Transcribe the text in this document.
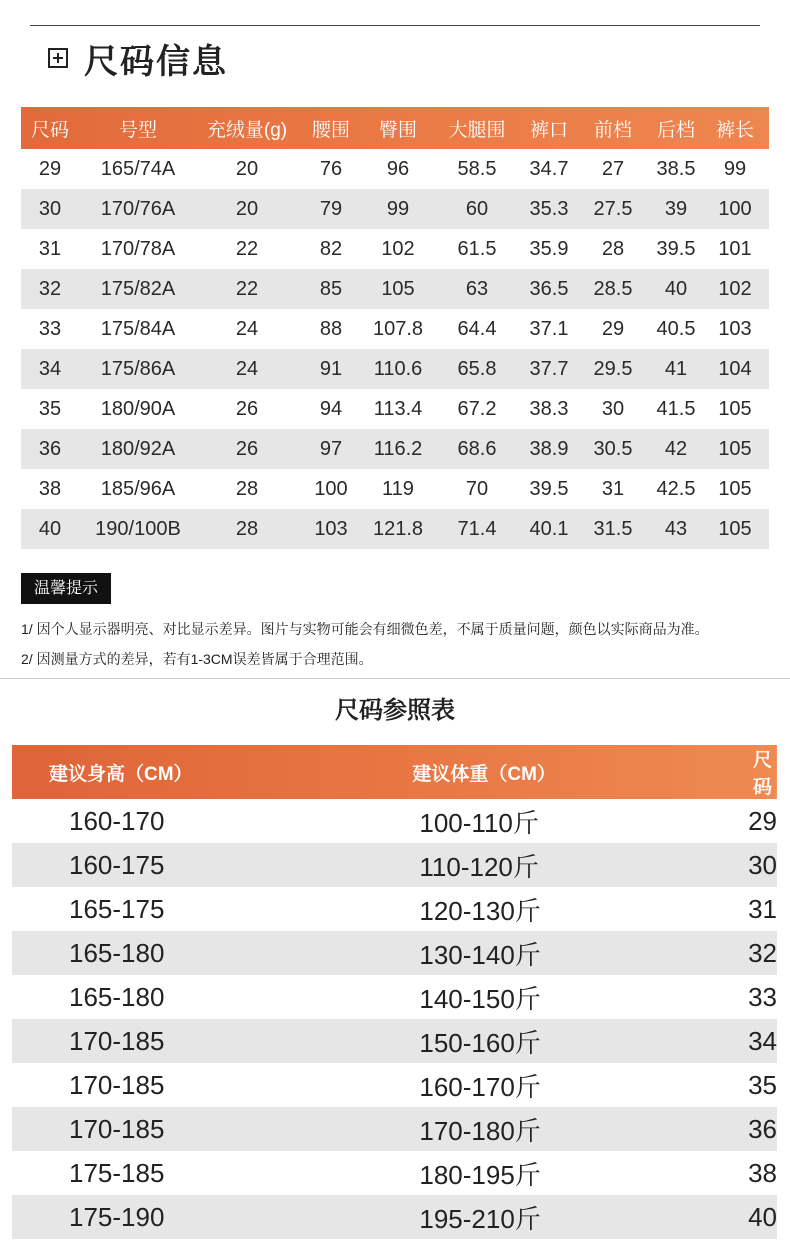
尺码信息
尺码	号型	充绒量(g)	腰围	臀围	大腿围	裤口	前档	后档	裤长
29	165/74A	20	76	96	58.5	34.7	27	38.5	99
30	170/76A	20	79	99	60	35.3	27.5	39	100
31	170/78A	22	82	102	61.5	35.9	28	39.5	101
32	175/82A	22	85	105	63	36.5	28.5	40	102
33	175/84A	24	88	107.8	64.4	37.1	29	40.5	103
34	175/86A	24	91	110.6	65.8	37.7	29.5	41	104
35	180/90A	26	94	113.4	67.2	38.3	30	41.5	105
36	180/92A	26	97	116.2	68.6	38.9	30.5	42	105
38	185/96A	28	100	119	70	39.5	31	42.5	105
40	190/100B	28	103	121.8	71.4	40.1	31.5	43	105
温馨提示
1/ 因个人显示器明亮、对比显示差异。图片与实物可能会有细微色差，不属于质量问题，颜色以实际商品为准。
2/ 因测量方式的差异，若有1-3CM误差皆属于合理范围。
尺码参照表
建议身高（CM）	建议体重（CM）	尺码
160-170	100-110斤	29
160-175	110-120斤	30
165-175	120-130斤	31
165-180	130-140斤	32
165-180	140-150斤	33
170-185	150-160斤	34
170-185	160-170斤	35
170-185	170-180斤	36
175-185	180-195斤	38
175-190	195-210斤	40
